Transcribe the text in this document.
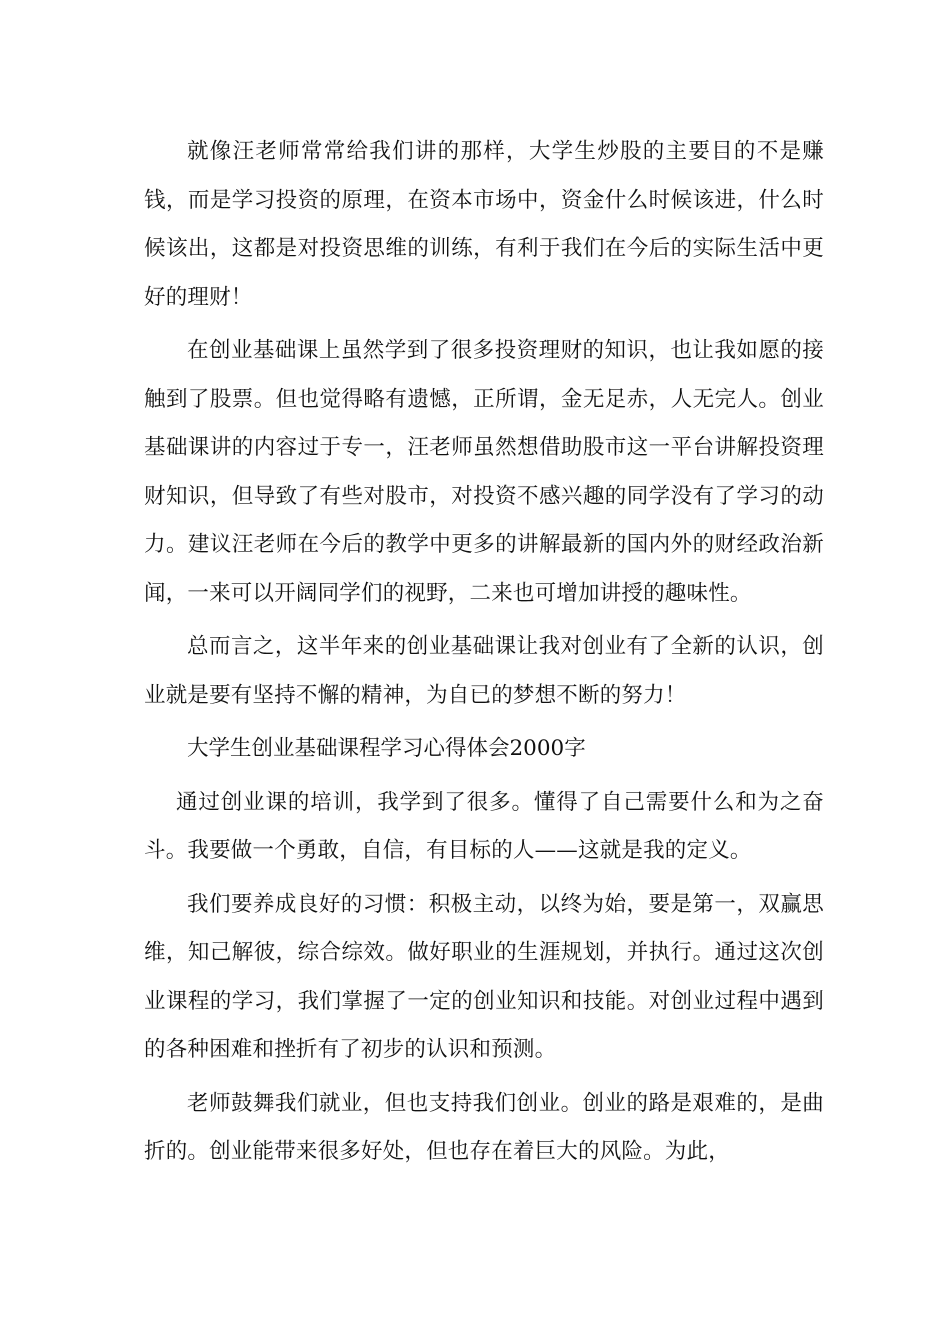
就像汪老师常常给我们讲的那样，大学生炒股的主要目的不是赚钱，而是学习投资的原理，在资本市场中，资金什么时候该进，什么时候该出，这都是对投资思维的训练，有利于我们在今后的实际生活中更好的理财！

在创业基础课上虽然学到了很多投资理财的知识，也让我如愿的接触到了股票。但也觉得略有遗憾，正所谓，金无足赤，人无完人。创业基础课讲的内容过于专一，汪老师虽然想借助股市这一平台讲解投资理财知识，但导致了有些对股市，对投资不感兴趣的同学没有了学习的动力。建议汪老师在今后的教学中更多的讲解最新的国内外的财经政治新闻，一来可以开阔同学们的视野，二来也可增加讲授的趣味性。

总而言之，这半年来的创业基础课让我对创业有了全新的认识，创业就是要有坚持不懈的精神，为自已的梦想不断的努力！

大学生创业基础课程学习心得体会2000字

通过创业课的培训，我学到了很多。懂得了自己需要什么和为之奋斗。我要做一个勇敢，自信，有目标的人——这就是我的定义。

我们要养成良好的习惯：积极主动，以终为始，要是第一，双赢思维，知己解彼，综合综效。做好职业的生涯规划，并执行。通过这次创业课程的学习，我们掌握了一定的创业知识和技能。对创业过程中遇到的各种困难和挫折有了初步的认识和预测。

老师鼓舞我们就业，但也支持我们创业。创业的路是艰难的，是曲折的。创业能带来很多好处，但也存在着巨大的风险。为此，
